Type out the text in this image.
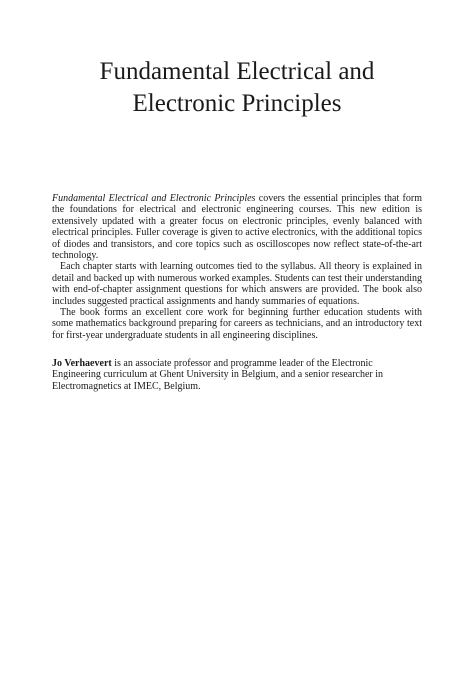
Fundamental Electrical and
Electronic Principles

Fundamental Electrical and Electronic Principles covers the essential principles that form the foundations for electrical and electronic engineering courses. This new edition is extensively updated with a greater focus on electronic principles, evenly balanced with electrical principles. Fuller coverage is given to active electronics, with the additional topics of diodes and transistors, and core topics such as oscilloscopes now reflect state-of-the-art technology.

Each chapter starts with learning outcomes tied to the syllabus. All theory is explained in detail and backed up with numerous worked examples. Students can test their understanding with end-of-chapter assignment questions for which answers are provided. The book also includes suggested practical assignments and handy summaries of equations.

The book forms an excellent core work for beginning further education students with some mathematics background preparing for careers as technicians, and an introductory text for first-year undergraduate students in all engineering disciplines.

Jo Verhaevert is an associate professor and programme leader of the Electronic
Engineering curriculum at Ghent University in Belgium, and a senior researcher in
Electromagnetics at IMEC, Belgium.
